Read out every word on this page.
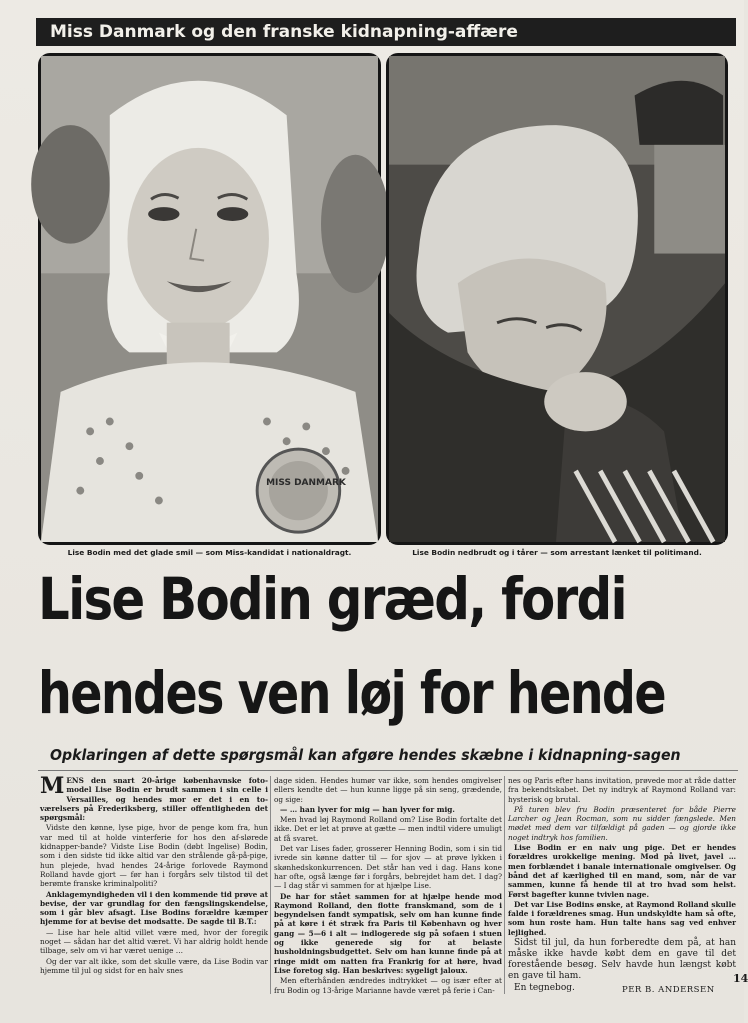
Miss Danmark og den franske kidnapning-affære
MISS DANMARK
Lise Bodin med det glade smil — som Miss-kandidat i nationaldragt.	Lise Bodin nedbrudt og i tårer — som arrestant lænket til politimand.
Lise Bodin græd, fordi
hendes ven løj for hende
Opklaringen af dette spørgsmål kan afgøre hendes skæbne i kidnapning-sagen

MENS den snart 20-årige københavnske foto-model Lise Bodin er brudt sammen i sin celle i Versailles, og hendes mor er det i en to-værelsers på Frederiksberg, stiller offentligheden det spørgsmål:

Vidste den kønne, lyse pige, hvor de penge kom fra, hun var med til at holde vinterferie for hos den af-slørede kidnapper-bande? Vidste Lise Bodin (døbt Ingelise) Bodin, som i den sidste tid ikke altid var den strålende gå-på-pige, hun plejede, hvad hendes 24-årige forlovede Raymond Rolland havde gjort — før han i forgårs selv tilstod til det berømte franske kriminalpoliti?

Anklagemyndigheden vil i den kommende tid prøve at bevise, der var grundlag for den fængslingskendelse, som i går blev afsagt. Lise Bodins forældre kæmper hjemme for at bevise det modsatte. De sagde til B.T.:

— Lise har hele altid villet være med, hvor der foregik noget — sådan har det altid været. Vi har aldrig holdt hende tilbage, selv om vi har været uenige …

Og der var alt ikke, som det skulle være, da Lise Bodin var hjemme til jul og sidst for en halv snes

dage siden. Hendes humør var ikke, som hendes omgivelser ellers kendte det — hun kunne ligge på sin seng, grædende, og sige:

— … han lyver for mig — han lyver for mig.

Men hvad løj Raymond Rolland om? Lise Bodin fortalte det ikke. Det er let at prøve at gætte — men indtil videre umuligt at få svaret.

Det var Lises fader, grosserer Henning Bodin, som i sin tid ivrede sin kønne datter til — for sjov — at prøve lykken i skønhedskonkurrencen. Det står han ved i dag. Hans kone har ofte, også længe før i forgårs, bebrejdet ham det. I dag? — I dag står vi sammen for at hjælpe Lise.

De har for stået sammen for at hjælpe hende mod Raymond Rolland, den flotte franskmand, som de i begyndelsen fandt sympatisk, selv om han kunne finde på at køre i ét stræk fra Paris til København og hver gang — 5—6 i alt — indlogerede sig på sofaen i stuen og ikke generede sig for at belaste husholdningsbudgettet. Selv om han kunne finde på at ringe midt om natten fra Frankrig for at høre, hvad Lise foretog sig. Han beskrives: sygeligt jaloux.

Men efterhånden ændredes indtrykket — og især efter at fru Bodin og 13-årige Marianne havde været på ferie i Can-

nes og Paris efter hans invitation, prøvede mor at råde datter fra bekendtskabet. Det ny indtryk af Raymond Rolland var: hysterisk og brutal.

På turen blev fru Bodin præsenteret for både Pierre Larcher og Jean Rocman, som nu sidder fængslede. Men mødet med dem var tilfældigt på gaden — og gjorde ikke noget indtryk hos familien.

Lise Bodin er en naiv ung pige. Det er hendes forældres urokkelige mening. Mod på livet, javel … men forblændet i banale internationale omgivelser. Og bånd det af kærlighed til en mand, som, når de var sammen, kunne få hende til at tro hvad som helst. Først bagefter kunne tvivlen nage.

Det var Lise Bodins ønske, at Raymond Rolland skulle falde i forældrenes smag. Hun undskyldte ham så ofte, som hun roste ham. Hun talte hans sag ved enhver lejlighed.

Sidst til jul, da hun forberedte dem på, at han måske ikke havde købt dem en gave til det forestående besøg. Selv havde hun længst købt en gave til ham.

En tegnebog.	PER B. ANDERSEN
14
